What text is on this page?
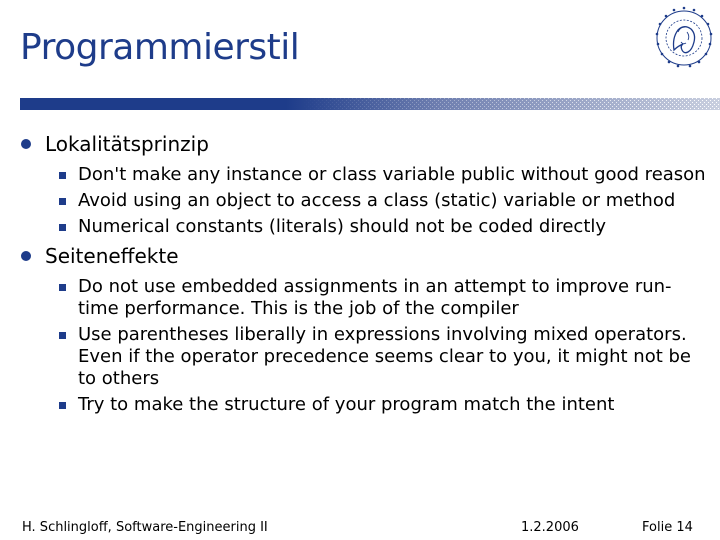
Programmierstil
Lokalitätsprinzip
Don't make any instance or class variable public without good reason
Avoid using an object to access a class (static) variable or method
Numerical constants (literals) should not be coded directly
Seiteneffekte
Do not use embedded assignments in an attempt to improve run-time performance. This is the job of the compiler
Use parentheses liberally in expressions involving mixed operators. Even if the operator precedence seems clear to you, it might not be to others
Try to make the structure of your program match the intent
H. Schlingloff, Software-Engineering II	1.2.2006	Folie 14
